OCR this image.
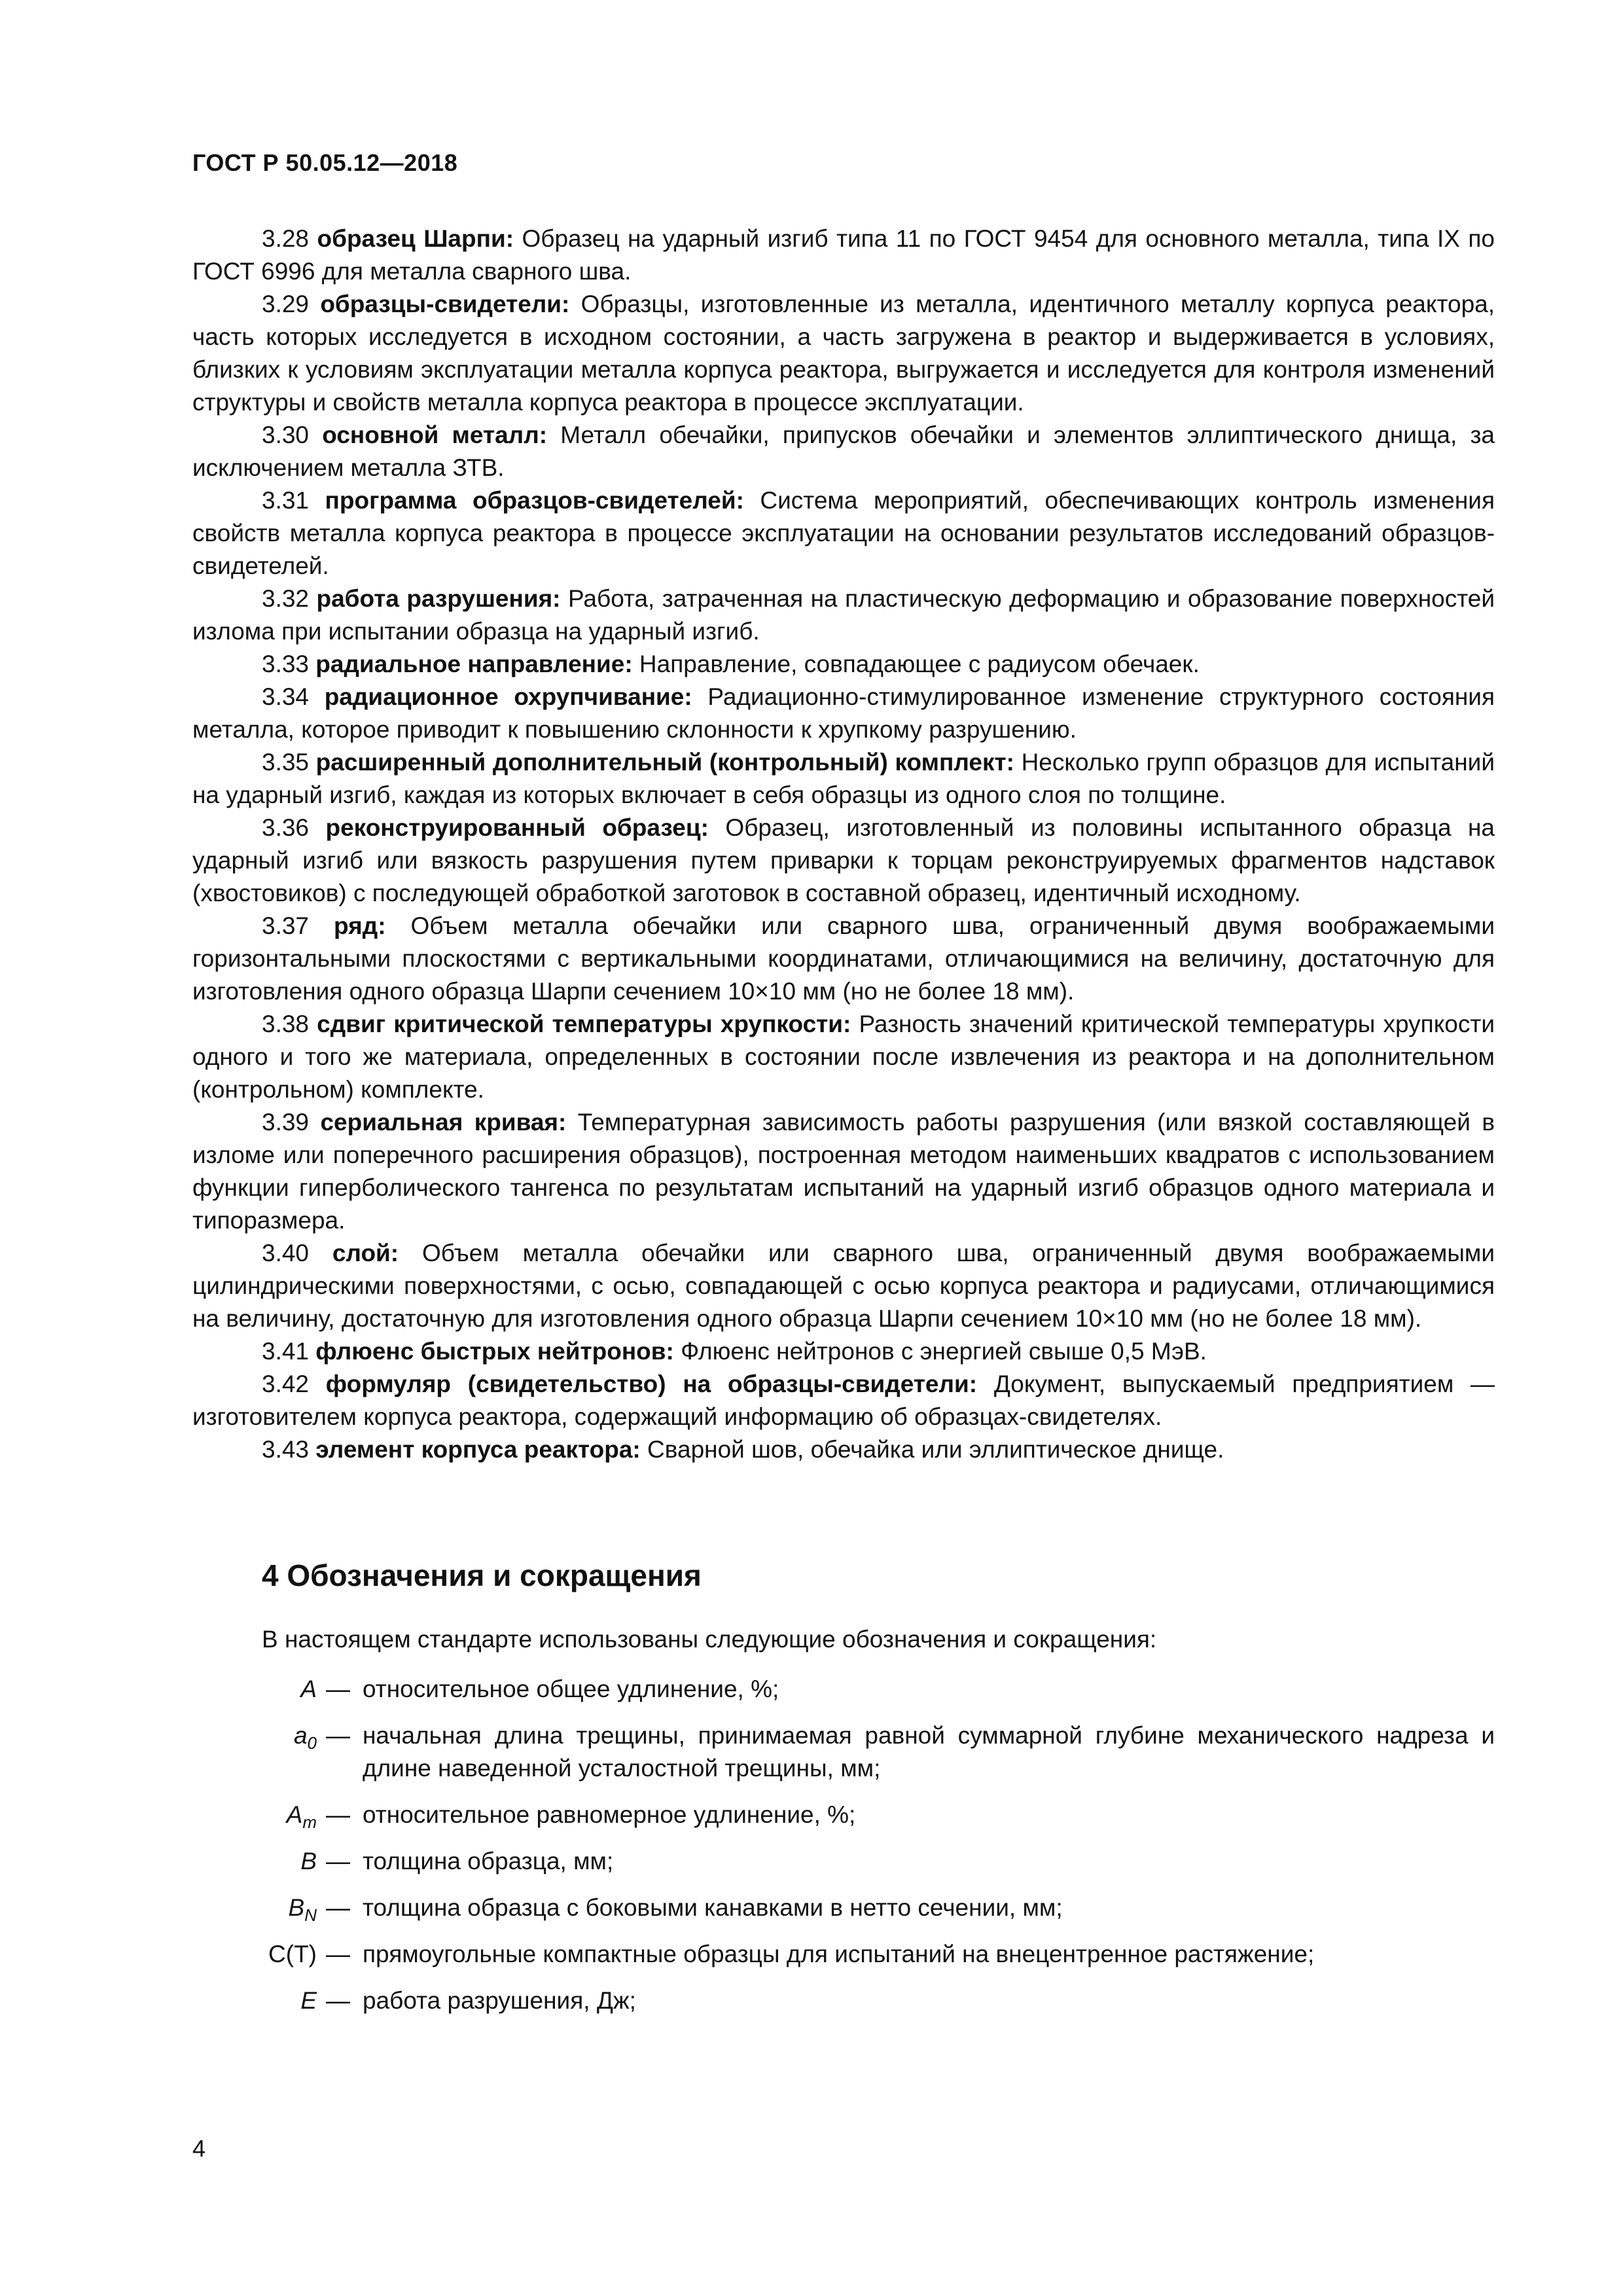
ГОСТ Р 50.05.12—2018

3.28 образец Шарпи: Образец на ударный изгиб типа 11 по ГОСТ 9454 для основного металла, типа IX по ГОСТ 6996 для металла сварного шва.

3.29 образцы-свидетели: Образцы, изготовленные из металла, идентичного металлу корпуса реактора, часть которых исследуется в исходном состоянии, а часть загружена в реактор и выдерживается в условиях, близких к условиям эксплуатации металла корпуса реактора, выгружается и исследуется для контроля изменений структуры и свойств металла корпуса реактора в процессе эксплуатации.

3.30 основной металл: Металл обечайки, припусков обечайки и элементов эллиптического днища, за исключением металла ЗТВ.

3.31 программа образцов-свидетелей: Система мероприятий, обеспечивающих контроль изменения свойств металла корпуса реактора в процессе эксплуатации на основании результатов исследований образцов-свидетелей.

3.32 работа разрушения: Работа, затраченная на пластическую деформацию и образование поверхностей излома при испытании образца на ударный изгиб.

3.33 радиальное направление: Направление, совпадающее с радиусом обечаек.

3.34 радиационное охрупчивание: Радиационно-стимулированное изменение структурного состояния металла, которое приводит к повышению склонности к хрупкому разрушению.

3.35 расширенный дополнительный (контрольный) комплект: Несколько групп образцов для испытаний на ударный изгиб, каждая из которых включает в себя образцы из одного слоя по толщине.

3.36 реконструированный образец: Образец, изготовленный из половины испытанного образца на ударный изгиб или вязкость разрушения путем приварки к торцам реконструируемых фрагментов надставок (хвостовиков) с последующей обработкой заготовок в составной образец, идентичный исходному.

3.37 ряд: Объем металла обечайки или сварного шва, ограниченный двумя воображаемыми горизонтальными плоскостями с вертикальными координатами, отличающимися на величину, достаточную для изготовления одного образца Шарпи сечением 10×10 мм (но не более 18 мм).

3.38 сдвиг критической температуры хрупкости: Разность значений критической температуры хрупкости одного и того же материала, определенных в состоянии после извлечения из реактора и на дополнительном (контрольном) комплекте.

3.39 сериальная кривая: Температурная зависимость работы разрушения (или вязкой составляющей в изломе или поперечного расширения образцов), построенная методом наименьших квадратов с использованием функции гиперболического тангенса по результатам испытаний на ударный изгиб образцов одного материала и типоразмера.

3.40 слой: Объем металла обечайки или сварного шва, ограниченный двумя воображаемыми цилиндрическими поверхностями, с осью, совпадающей с осью корпуса реактора и радиусами, отличающимися на величину, достаточную для изготовления одного образца Шарпи сечением 10×10 мм (но не более 18 мм).

3.41 флюенс быстрых нейтронов: Флюенс нейтронов с энергией свыше 0,5 МэВ.

3.42 формуляр (свидетельство) на образцы-свидетели: Документ, выпускаемый предприятием — изготовителем корпуса реактора, содержащий информацию об образцах-свидетелях.

3.43 элемент корпуса реактора: Сварной шов, обечайка или эллиптическое днище.

4 Обозначения и сокращения

В настоящем стандарте использованы следующие обозначения и сокращения:

A — относительное общее удлинение, %;
$a_0$ — начальная длина трещины, принимаемая равной суммарной глубине механического надреза и длине наведенной усталостной трещины, мм;
$A_m$ — относительное равномерное удлинение, %;
B — толщина образца, мм;
$B_N$ — толщина образца с боковыми канавками в нетто сечении, мм;
C(T) — прямоугольные компактные образцы для испытаний на внецентренное растяжение;
E — работа разрушения, Дж;
4
